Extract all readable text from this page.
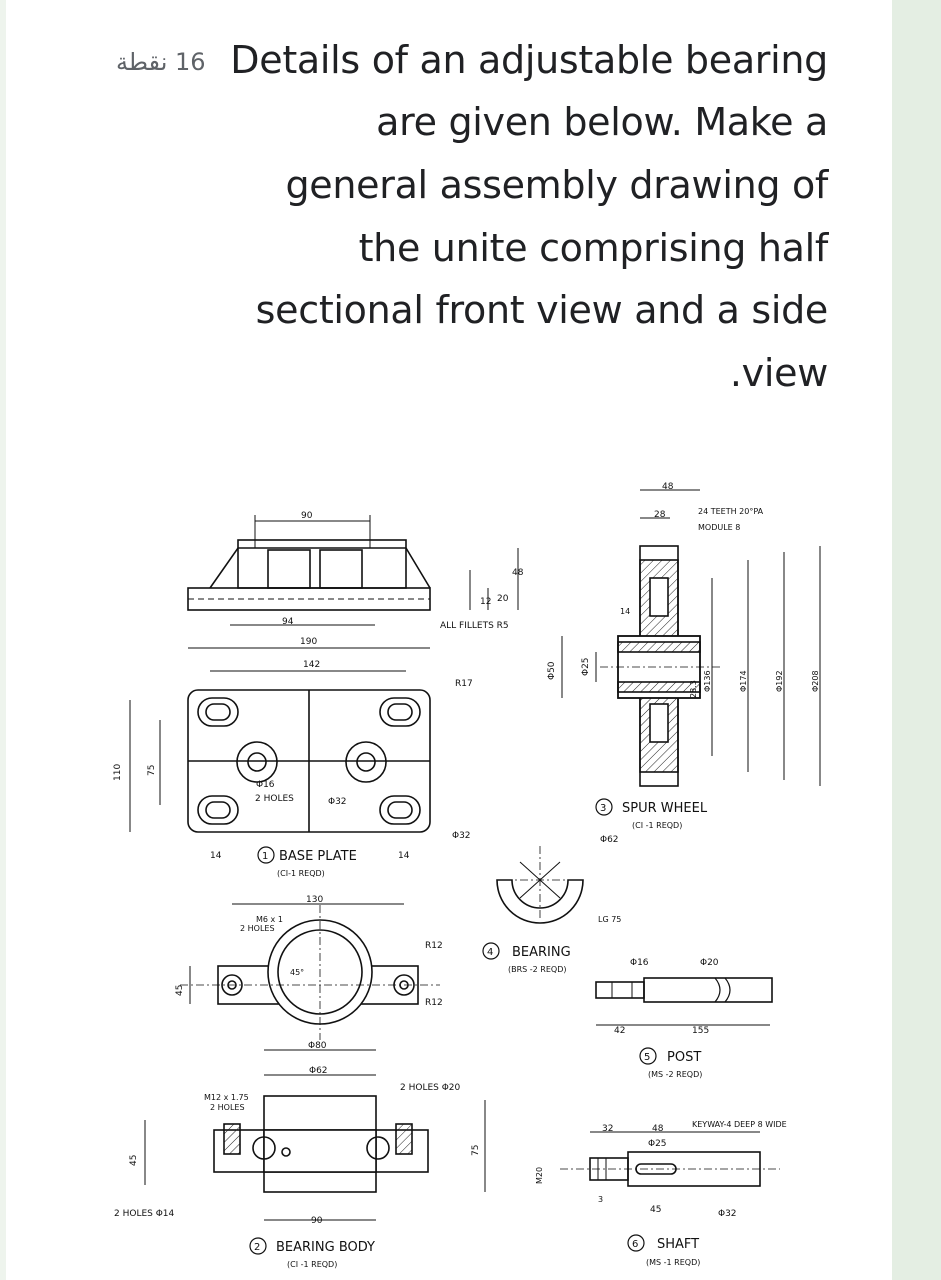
16 نقطة Details of an adjustable bearing
are given below. Make a
general assembly drawing of
the unite comprising half
sectional front view and a side
.view
90
94	ALL FILLETS R5
190
142
12 20
48
R17
Φ16
2 HOLES	Φ32
110	75
14	14
1 BASE PLATE
(CI-1 REQD)
130
M6 x 1
2 HOLES
R12
R12
45°
45
Φ80
Φ62
2 HOLES Φ20
M12 x 1.75
2 HOLES
45
75
2 HOLES Φ14
90
2 BEARING BODY
(CI -1 REQD)
48
28	24 TEETH 20°PA
MODULE 8
14
Φ50	Φ25
28.3 Φ136	Φ174	Φ192	Φ208
3 SPUR WHEEL
(CI -1 REQD)
Φ32	Φ62
LG 75
4 BEARING
(BRS -2 REQD)
Φ16	Φ20
42	155
5 POST
(MS -2 REQD)
32	48	KEYWAY-4 DEEP 8 WIDE
Φ25
M20
3
45	Φ32
6 SHAFT
(MS -1 REQD)
